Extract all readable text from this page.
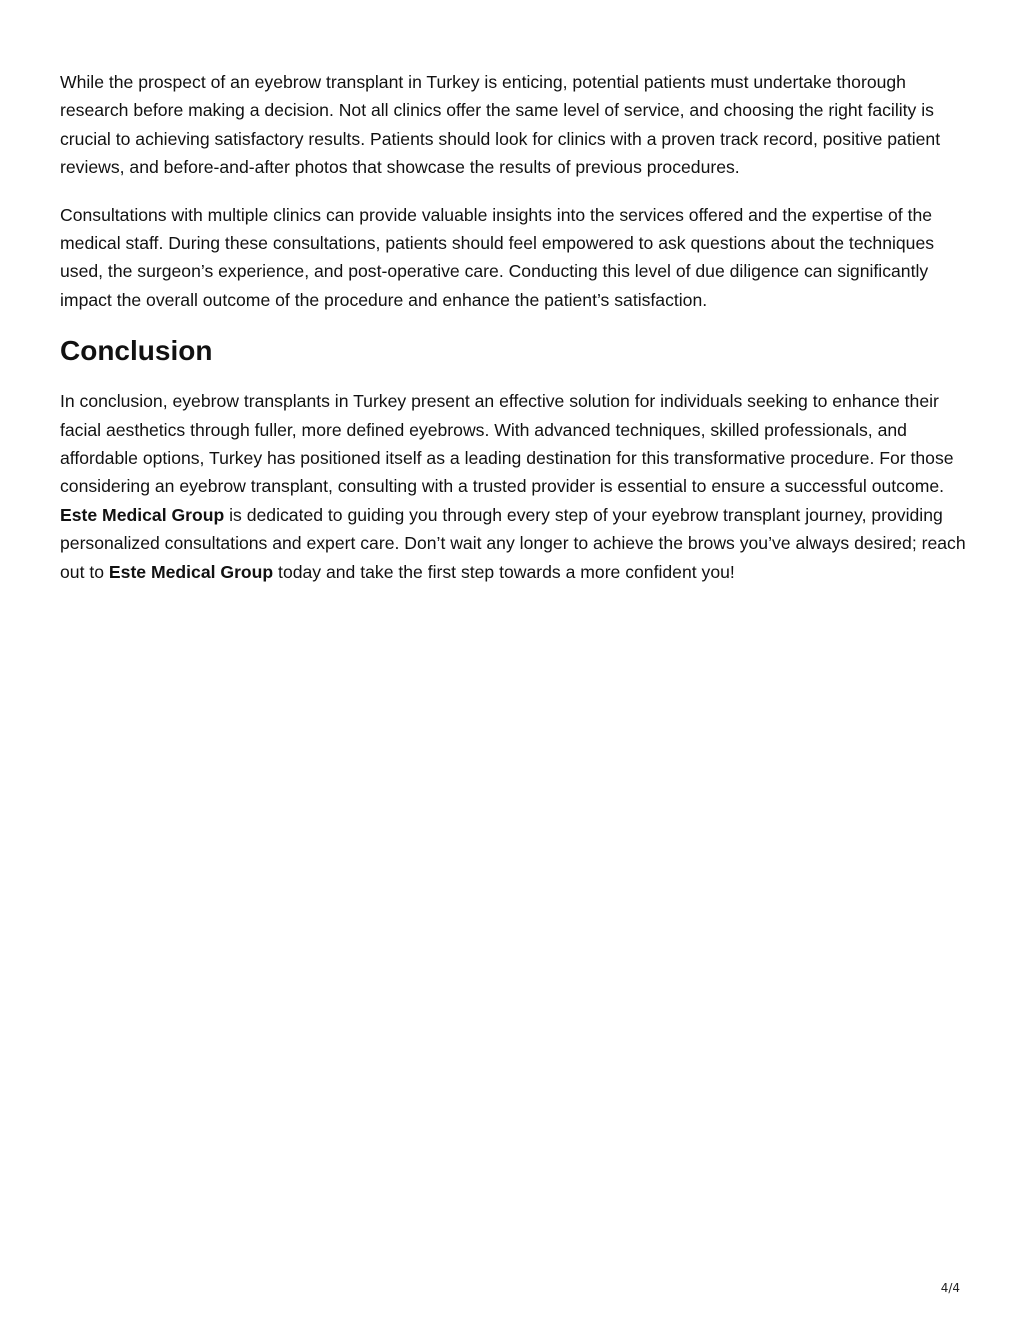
While the prospect of an eyebrow transplant in Turkey is enticing, potential patients must undertake thorough research before making a decision. Not all clinics offer the same level of service, and choosing the right facility is crucial to achieving satisfactory results. Patients should look for clinics with a proven track record, positive patient reviews, and before-and-after photos that showcase the results of previous procedures.

Consultations with multiple clinics can provide valuable insights into the services offered and the expertise of the medical staff. During these consultations, patients should feel empowered to ask questions about the techniques used, the surgeon’s experience, and post-operative care. Conducting this level of due diligence can significantly impact the overall outcome of the procedure and enhance the patient’s satisfaction.

Conclusion

In conclusion, eyebrow transplants in Turkey present an effective solution for individuals seeking to enhance their facial aesthetics through fuller, more defined eyebrows. With advanced techniques, skilled professionals, and affordable options, Turkey has positioned itself as a leading destination for this transformative procedure. For those considering an eyebrow transplant, consulting with a trusted provider is essential to ensure a successful outcome. Este Medical Group is dedicated to guiding you through every step of your eyebrow transplant journey, providing personalized consultations and expert care. Don’t wait any longer to achieve the brows you’ve always desired; reach out to Este Medical Group today and take the first step towards a more confident you!

4/4
